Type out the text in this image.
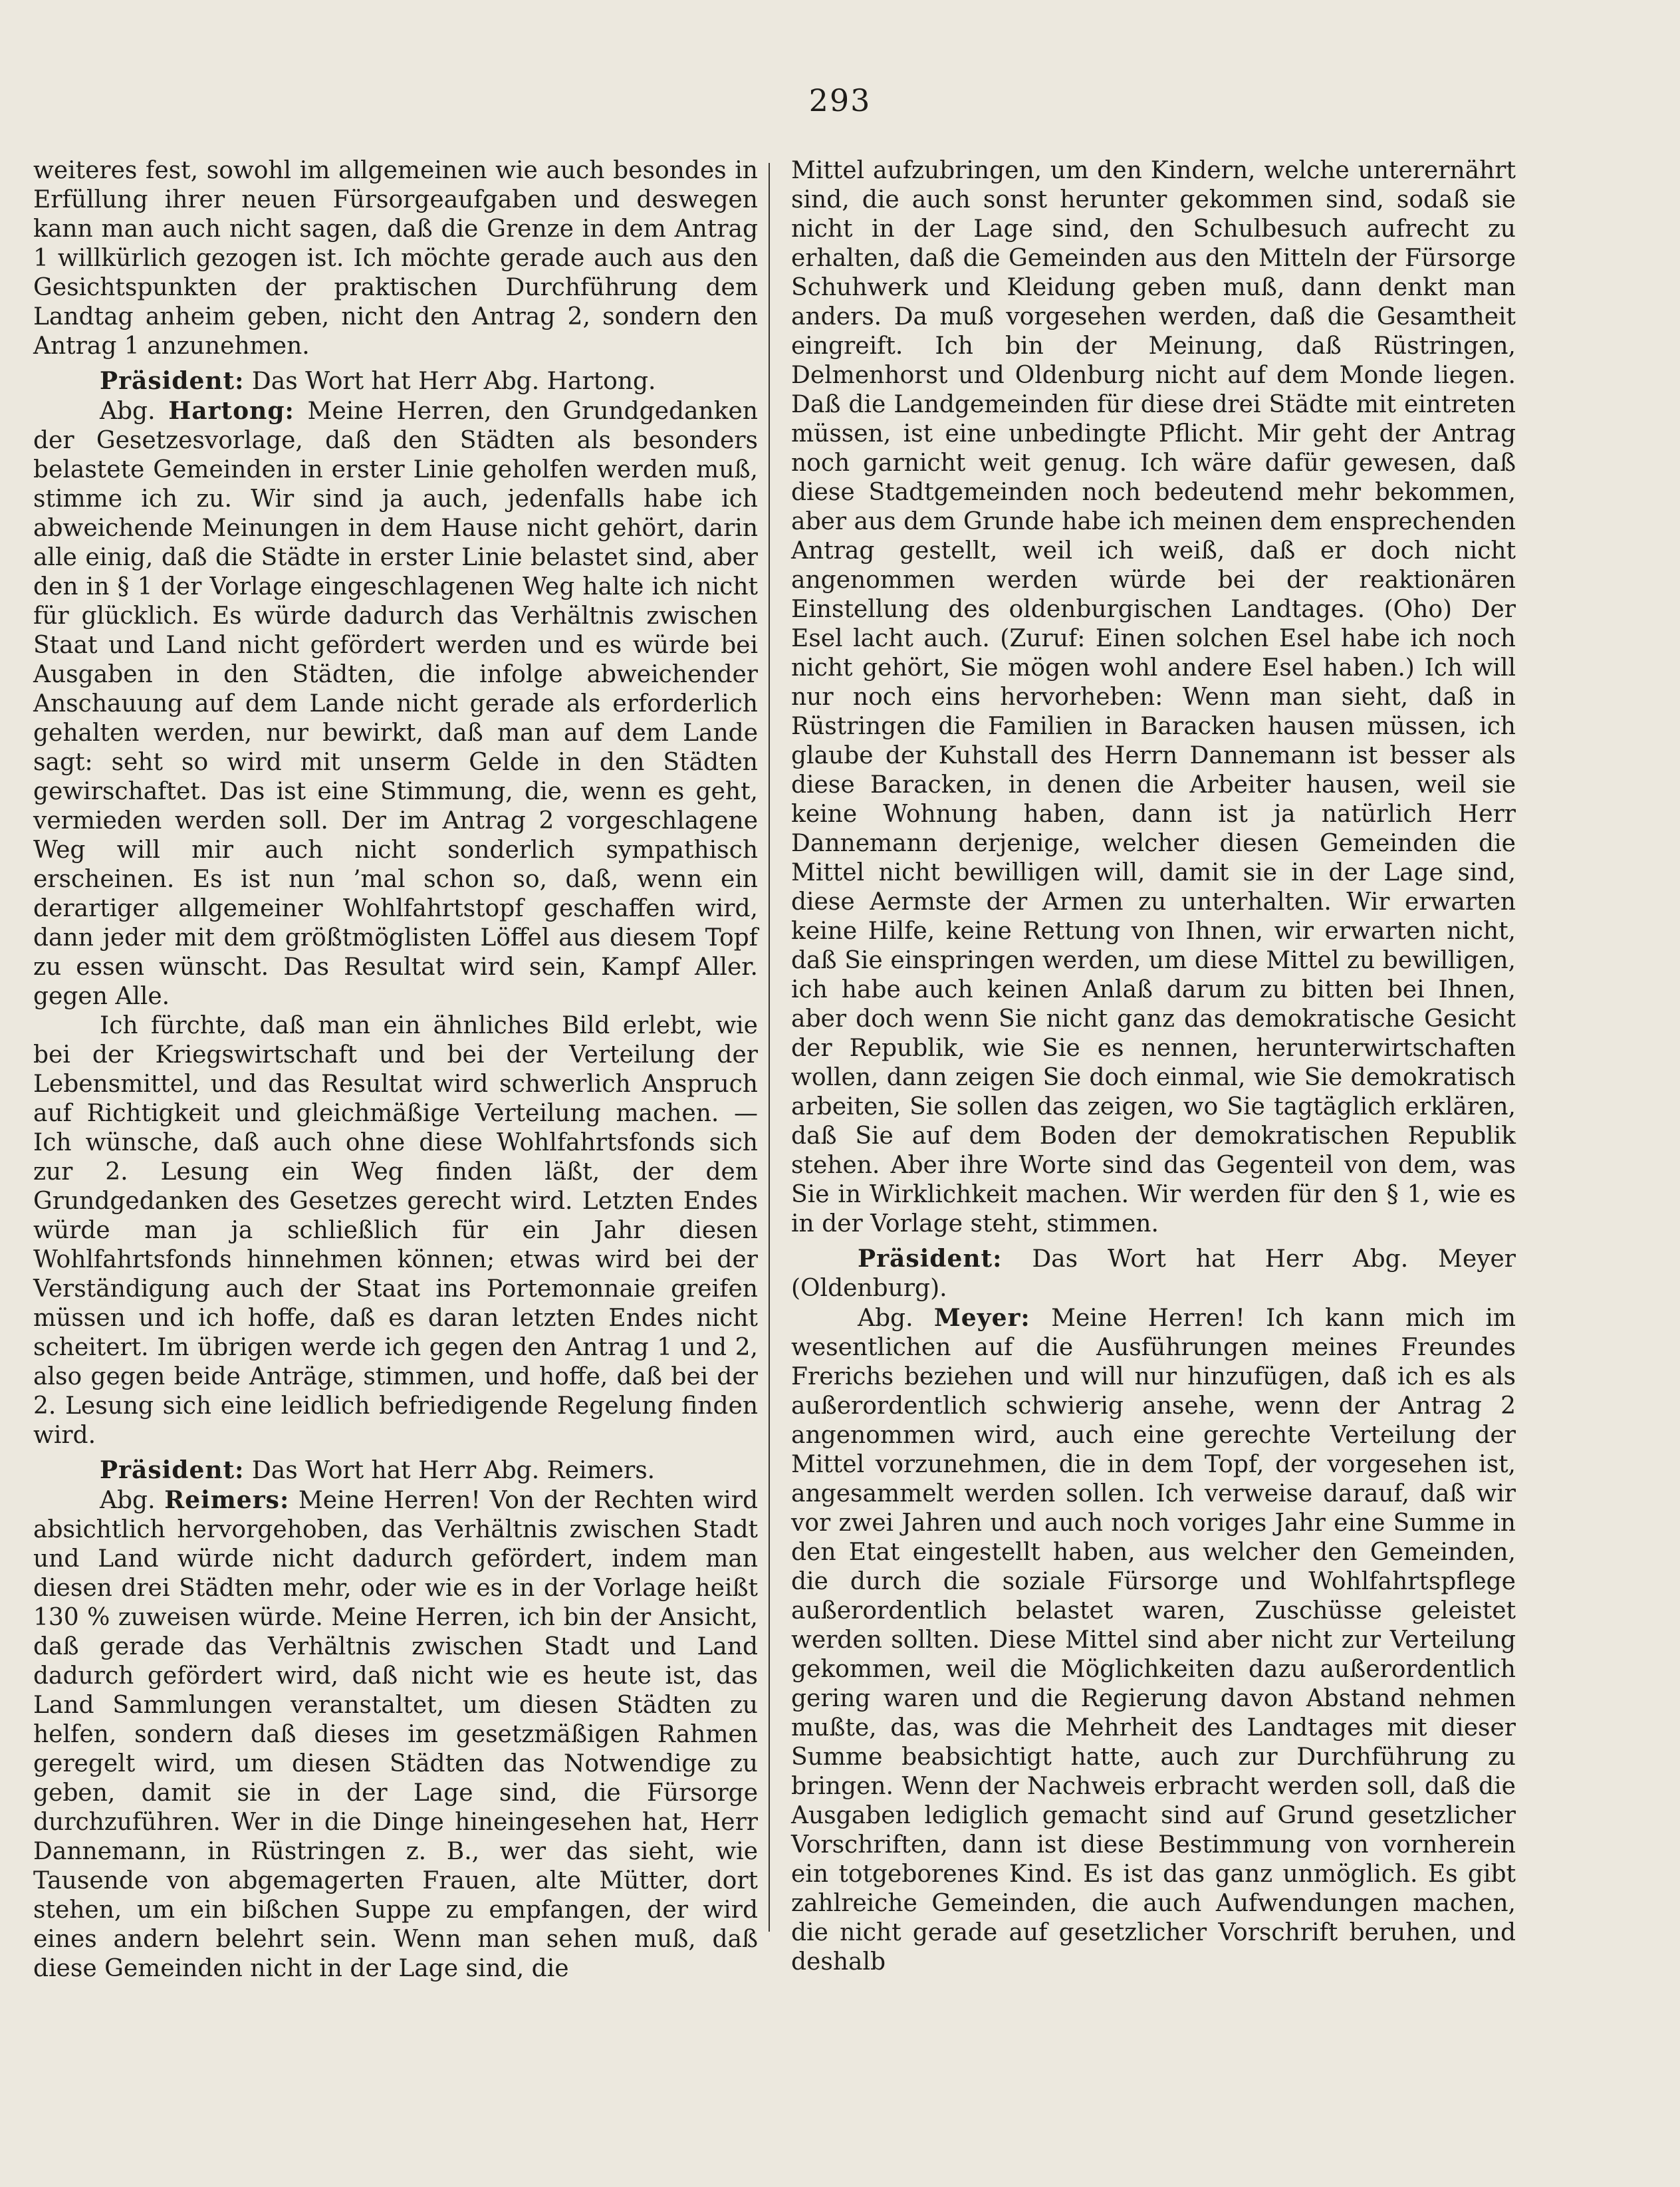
293

weiteres fest, sowohl im allgemeinen wie auch besondes in Erfüllung ihrer neuen Fürsorgeaufgaben und deswegen kann man auch nicht sagen, daß die Grenze in dem Antrag 1 willkürlich gezogen ist. Ich möchte gerade auch aus den Gesichtspunkten der praktischen Durchführung dem Landtag anheim geben, nicht den Antrag 2, sondern den Antrag 1 anzunehmen.

Präsident: Das Wort hat Herr Abg. Hartong.

Abg. Hartong: Meine Herren, den Grundgedanken der Gesetzesvorlage, daß den Städten als besonders belastete Gemeinden in erster Linie geholfen werden muß, stimme ich zu. Wir sind ja auch, jedenfalls habe ich abweichende Meinungen in dem Hause nicht gehört, darin alle einig, daß die Städte in erster Linie belastet sind, aber den in § 1 der Vorlage eingeschlagenen Weg halte ich nicht für glücklich. Es würde dadurch das Verhältnis zwischen Staat und Land nicht gefördert werden und es würde bei Ausgaben in den Städten, die infolge abweichender Anschauung auf dem Lande nicht gerade als erforderlich gehalten werden, nur bewirkt, daß man auf dem Lande sagt: seht so wird mit unserm Gelde in den Städten gewirschaftet. Das ist eine Stimmung, die, wenn es geht, vermieden werden soll. Der im Antrag 2 vorgeschlagene Weg will mir auch nicht sonderlich sympathisch erscheinen. Es ist nun ’mal schon so, daß, wenn ein derartiger allgemeiner Wohlfahrtstopf geschaffen wird, dann jeder mit dem größtmöglisten Löffel aus diesem Topf zu essen wünscht. Das Resultat wird sein, Kampf Aller. gegen Alle.

Ich fürchte, daß man ein ähnliches Bild erlebt, wie bei der Kriegswirtschaft und bei der Verteilung der Lebensmittel, und das Resultat wird schwerlich Anspruch auf Richtigkeit und gleichmäßige Verteilung machen. — Ich wünsche, daß auch ohne diese Wohlfahrtsfonds sich zur 2. Lesung ein Weg finden läßt, der dem Grundgedanken des Gesetzes gerecht wird. Letzten Endes würde man ja schließlich für ein Jahr diesen Wohlfahrtsfonds hinnehmen können; etwas wird bei der Verständigung auch der Staat ins Portemonnaie greifen müssen und ich hoffe, daß es daran letzten Endes nicht scheitert. Im übrigen werde ich gegen den Antrag 1 und 2, also gegen beide Anträge, stimmen, und hoffe, daß bei der 2. Lesung sich eine leidlich befriedigende Regelung finden wird.

Präsident: Das Wort hat Herr Abg. Reimers.

Abg. Reimers: Meine Herren! Von der Rechten wird absichtlich hervorgehoben, das Verhältnis zwischen Stadt und Land würde nicht dadurch gefördert, indem man diesen drei Städten mehr, oder wie es in der Vorlage heißt 130 % zuweisen würde. Meine Herren, ich bin der Ansicht, daß gerade das Verhältnis zwischen Stadt und Land dadurch gefördert wird, daß nicht wie es heute ist, das Land Sammlungen veranstaltet, um diesen Städten zu helfen, sondern daß dieses im gesetzmäßigen Rahmen geregelt wird, um diesen Städten das Notwendige zu geben, damit sie in der Lage sind, die Fürsorge durchzuführen. Wer in die Dinge hineingesehen hat, Herr Dannemann, in Rüstringen z. B., wer das sieht, wie Tausende von abgemagerten Frauen, alte Mütter, dort stehen, um ein bißchen Suppe zu empfangen, der wird eines andern belehrt sein. Wenn man sehen muß, daß diese Gemeinden nicht in der Lage sind, die

Mittel aufzubringen, um den Kindern, welche unterernährt sind, die auch sonst herunter gekommen sind, sodaß sie nicht in der Lage sind, den Schulbesuch aufrecht zu erhalten, daß die Gemeinden aus den Mitteln der Fürsorge Schuhwerk und Kleidung geben muß, dann denkt man anders. Da muß vorgesehen werden, daß die Gesamtheit eingreift. Ich bin der Meinung, daß Rüstringen, Delmenhorst und Oldenburg nicht auf dem Monde liegen. Daß die Landgemeinden für diese drei Städte mit eintreten müssen, ist eine unbedingte Pflicht. Mir geht der Antrag noch garnicht weit genug. Ich wäre dafür gewesen, daß diese Stadtgemeinden noch bedeutend mehr bekommen, aber aus dem Grunde habe ich meinen dem ensprechenden Antrag gestellt, weil ich weiß, daß er doch nicht angenommen werden würde bei der reaktionären Einstellung des oldenburgischen Landtages. (Oho) Der Esel lacht auch. (Zuruf: Einen solchen Esel habe ich noch nicht gehört, Sie mögen wohl andere Esel haben.) Ich will nur noch eins hervorheben: Wenn man sieht, daß in Rüstringen die Familien in Baracken hausen müssen, ich glaube der Kuhstall des Herrn Dannemann ist besser als diese Baracken, in denen die Arbeiter hausen, weil sie keine Wohnung haben, dann ist ja natürlich Herr Dannemann derjenige, welcher diesen Gemeinden die Mittel nicht bewilligen will, damit sie in der Lage sind, diese Aermste der Armen zu unterhalten. Wir erwarten keine Hilfe, keine Rettung von Ihnen, wir erwarten nicht, daß Sie einspringen werden, um diese Mittel zu bewilligen, ich habe auch keinen Anlaß darum zu bitten bei Ihnen, aber doch wenn Sie nicht ganz das demokratische Gesicht der Republik, wie Sie es nennen, herunterwirtschaften wollen, dann zeigen Sie doch einmal, wie Sie demokratisch arbeiten, Sie sollen das zeigen, wo Sie tagtäglich erklären, daß Sie auf dem Boden der demokratischen Republik stehen. Aber ihre Worte sind das Gegenteil von dem, was Sie in Wirklichkeit machen. Wir werden für den § 1, wie es in der Vorlage steht, stimmen.

Präsident: Das Wort hat Herr Abg. Meyer (Oldenburg).

Abg. Meyer: Meine Herren! Ich kann mich im wesentlichen auf die Ausführungen meines Freundes Frerichs beziehen und will nur hinzufügen, daß ich es als außerordentlich schwierig ansehe, wenn der Antrag 2 angenommen wird, auch eine gerechte Verteilung der Mittel vorzunehmen, die in dem Topf, der vorgesehen ist, angesammelt werden sollen. Ich verweise darauf, daß wir vor zwei Jahren und auch noch voriges Jahr eine Summe in den Etat eingestellt haben, aus welcher den Gemeinden, die durch die soziale Fürsorge und Wohlfahrtspflege außerordentlich belastet waren, Zuschüsse geleistet werden sollten. Diese Mittel sind aber nicht zur Verteilung gekommen, weil die Möglichkeiten dazu außerordentlich gering waren und die Regierung davon Abstand nehmen mußte, das, was die Mehrheit des Landtages mit dieser Summe beabsichtigt hatte, auch zur Durchführung zu bringen. Wenn der Nachweis erbracht werden soll, daß die Ausgaben lediglich gemacht sind auf Grund gesetzlicher Vorschriften, dann ist diese Bestimmung von vornherein ein totgeborenes Kind. Es ist das ganz unmöglich. Es gibt zahlreiche Gemeinden, die auch Aufwendungen machen, die nicht gerade auf gesetzlicher Vorschrift beruhen, und deshalb
